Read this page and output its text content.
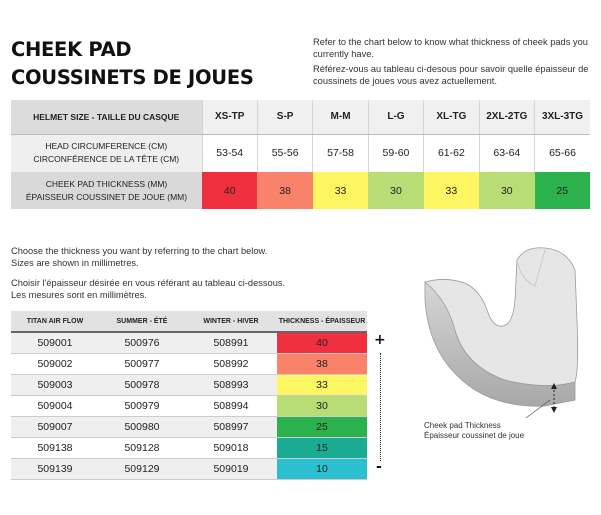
CHEEK PAD
COUSSINETS DE JOUES
Refer to the chart below to know what thickness of cheek pads you currently have.
Référez-vous au tableau ci-desous pour savoir quelle épaisseur de coussinets de joues vous avez actuellement.
HELMET SIZE - TAILLE DU CASQUE	XS-TP	S-P	M-M	L-G	XL-TG	2XL-2TG	3XL-3TG

HEAD CIRCUMFERENCE (CM)
CIRCONFÉRENCE DE LA TÊTE (CM)	53-54	55-56	57-58	59-60	61-62	63-64	65-66

CHEEK PAD THICKNESS (MM)
ÉPAISSEUR COUSSINET DE JOUE (MM)	40	38	33	30	33	30	25
Choose the thickness you want by referring to the chart below.
Sizes are shown in millimetres.
Choisir l'épaisseur désirée en vous référant au tableau ci-dessous.
Les mesures sont en millimètres.
TITAN AIR FLOW	SUMMER - ÉTÉ	WINTER - HIVER	THICKNESS - ÉPAISSEUR
509001	500976	508991	40
509002	500977	508992	38
509003	500978	508993	33
509004	500979	508994	30
509007	500980	508997	25
509138	509128	509018	15
509139	509129	509019	10
+
-
Cheek pad Thickness
Épaisseur coussinet de joue
